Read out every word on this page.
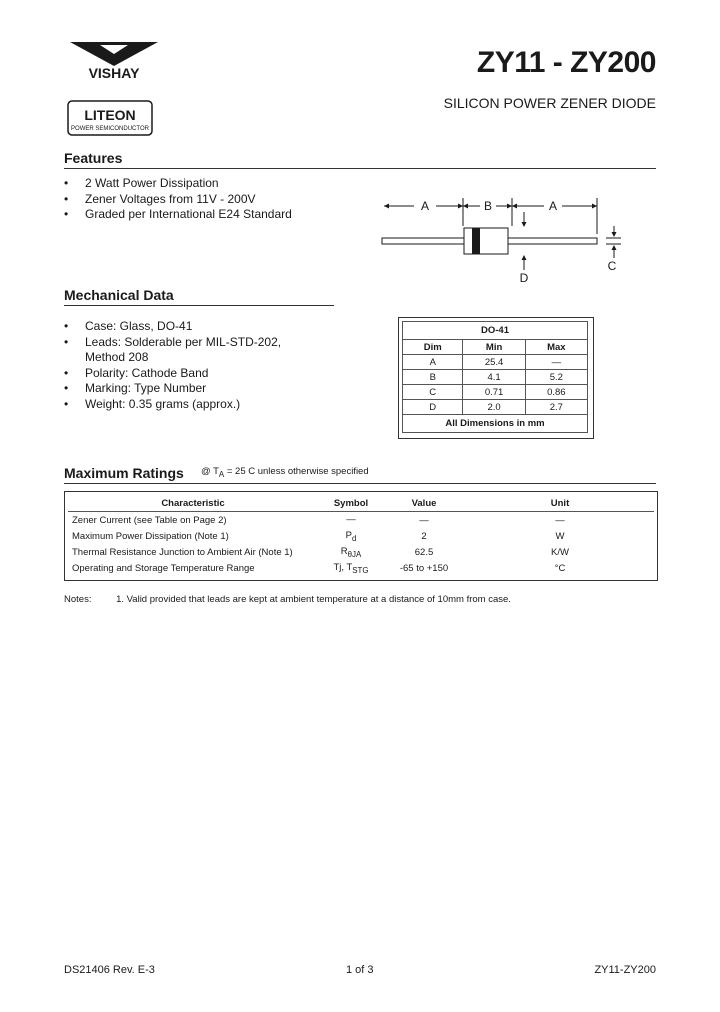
VISHAY
LITEON
POWER SEMICONDUCTOR
ZY11 - ZY200
SILICON POWER ZENER DIODE
Features
• 2 Watt Power Dissipation
• Zener Voltages from 11V - 200V
• Graded per International E24 Standard
A	B	A
D
C
Mechanical Data
• Case: Glass, DO-41
• Leads: Solderable per MIL-STD-202,
Method 208
• Polarity: Cathode Band
• Marking: Type Number
• Weight: 0.35 grams (approx.)
DO-41		
Dim	Min	Max
A	25.4	—
B	4.1	5.2
C	0.71	0.86
D	2.0	2.7
All Dimensions in mm		
Maximum Ratings @ $T_A = 25$ C unless otherwise specified
Characteristic		Symbol		Value		Unit
Zener Current (see Table on Page 2)		—		—		—
Maximum Power Dissipation (Note 1)		$P_d$		2		W
Thermal Resistance Junction to Ambient Air (Note 1)		$R_{\theta JA}$		62.5		K/W
Operating and Storage Temperature Range		Tj, $T_{STG}$		-65 to +150		°C
Notes:	1. Valid provided that leads are kept at ambient temperature at a distance of 10mm from case.
DS21406 Rev. E-3	1 of 3	ZY11-ZY200
